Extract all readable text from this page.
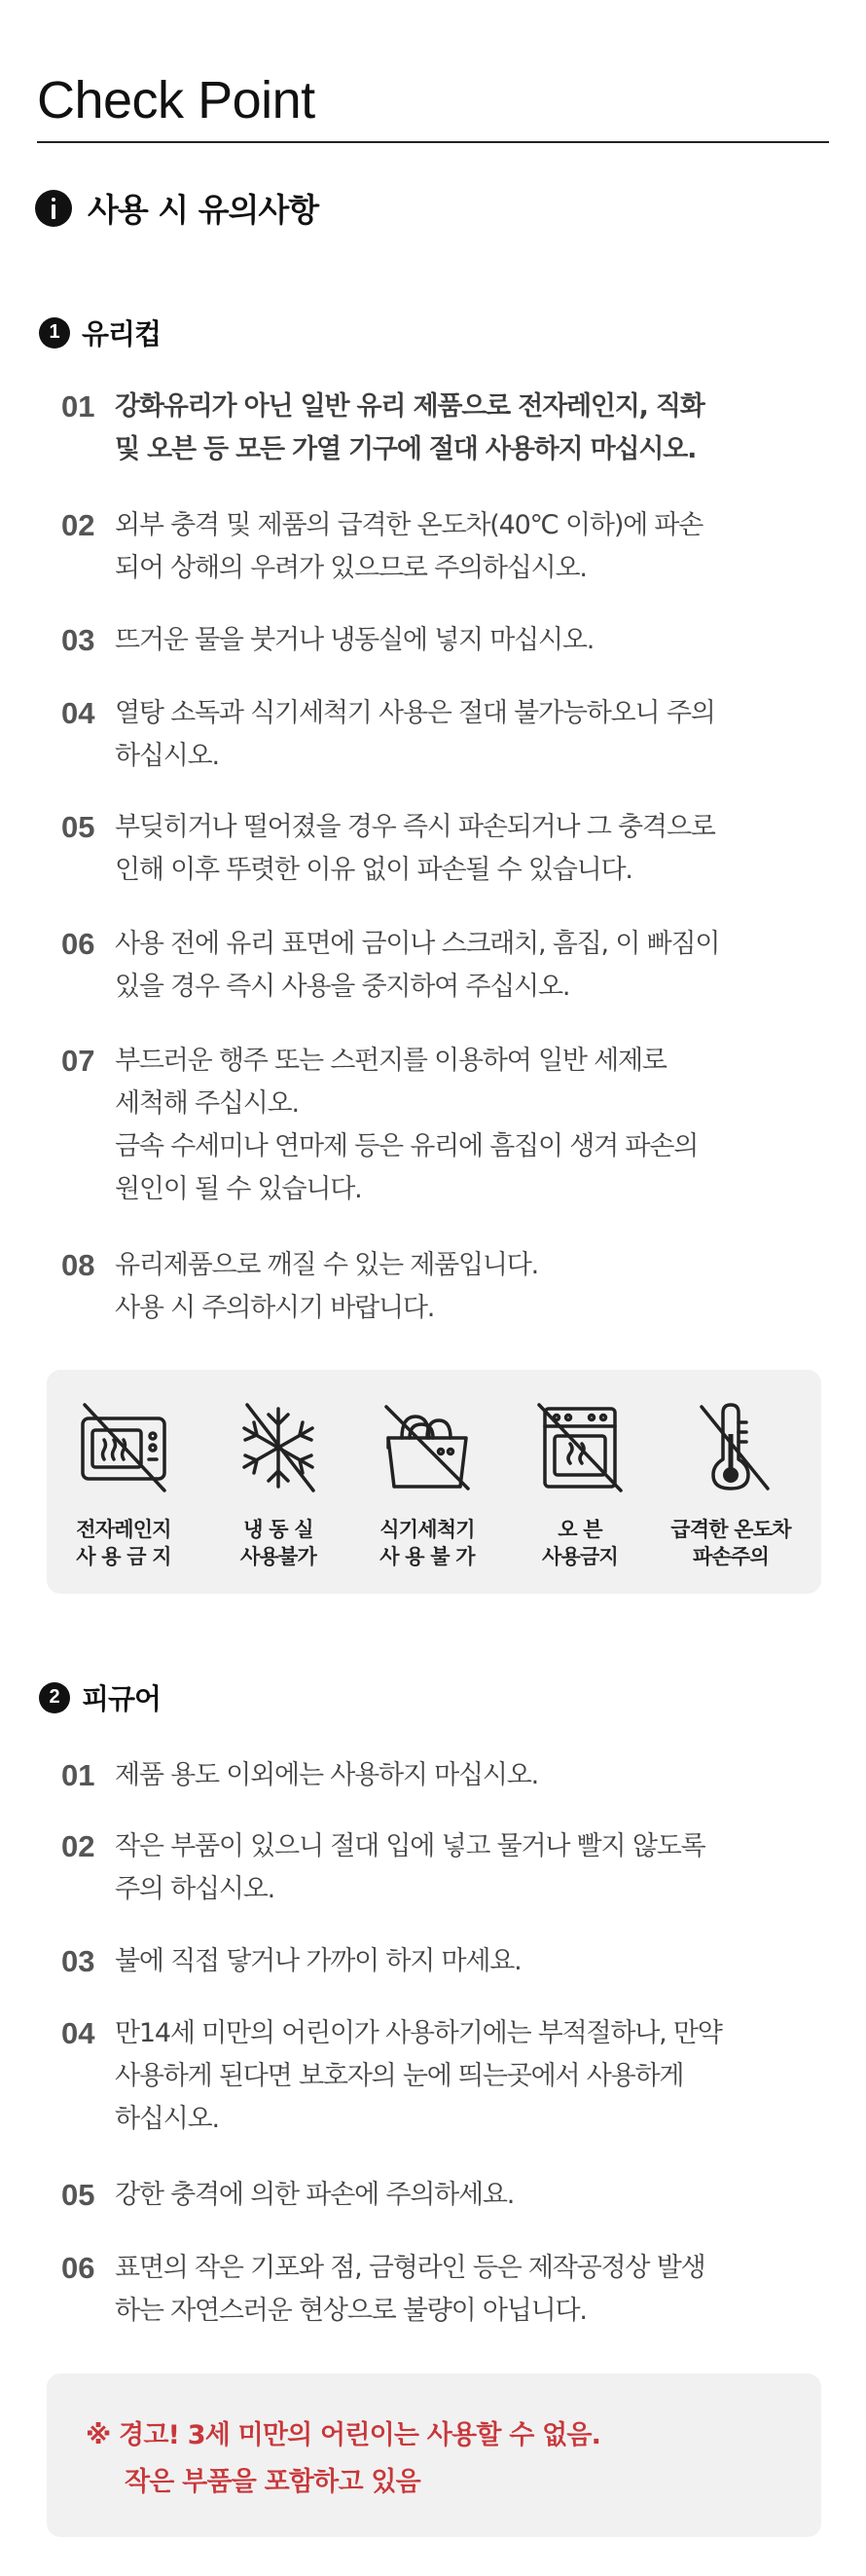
Check Point
사용 시 유의사항
1 유리컵
01 강화유리가 아닌 일반 유리 제품으로 전자레인지, 직화
및 오븐 등 모든 가열 기구에 절대 사용하지 마십시오.
02 외부 충격 및 제품의 급격한 온도차(40℃ 이하)에 파손
되어 상해의 우려가 있으므로 주의하십시오.
03 뜨거운 물을 붓거나 냉동실에 넣지 마십시오.
04 열탕 소독과 식기세척기 사용은 절대 불가능하오니 주의
하십시오.
05 부딪히거나 떨어졌을 경우 즉시 파손되거나 그 충격으로
인해 이후 뚜렷한 이유 없이 파손될 수 있습니다.
06 사용 전에 유리 표면에 금이나 스크래치, 흠집, 이 빠짐이
있을 경우 즉시 사용을 중지하여 주십시오.
07 부드러운 행주 또는 스펀지를 이용하여 일반 세제로
세척해 주십시오.
금속 수세미나 연마제 등은 유리에 흠집이 생겨 파손의
원인이 될 수 있습니다.
08 유리제품으로 깨질 수 있는 제품입니다.
사용 시 주의하시기 바랍니다.
전자레인지
사 용 금 지
냉 동 실
사용불가
식기세척기
사 용 불 가
오 븐
사용금지
급격한 온도차
파손주의
2 피규어
01 제품 용도 이외에는 사용하지 마십시오.
02 작은 부품이 있으니 절대 입에 넣고 물거나 빨지 않도록
주의 하십시오.
03 불에 직접 닿거나 가까이 하지 마세요.
04 만14세 미만의 어린이가 사용하기에는 부적절하나, 만약
사용하게 된다면 보호자의 눈에 띄는곳에서 사용하게
하십시오.
05 강한 충격에 의한 파손에 주의하세요.
06 표면의 작은 기포와 점, 금형라인 등은 제작공정상 발생
하는 자연스러운 현상으로 불량이 아닙니다.
※ 경고! 3세 미만의 어린이는 사용할 수 없음.
작은 부품을 포함하고 있음
